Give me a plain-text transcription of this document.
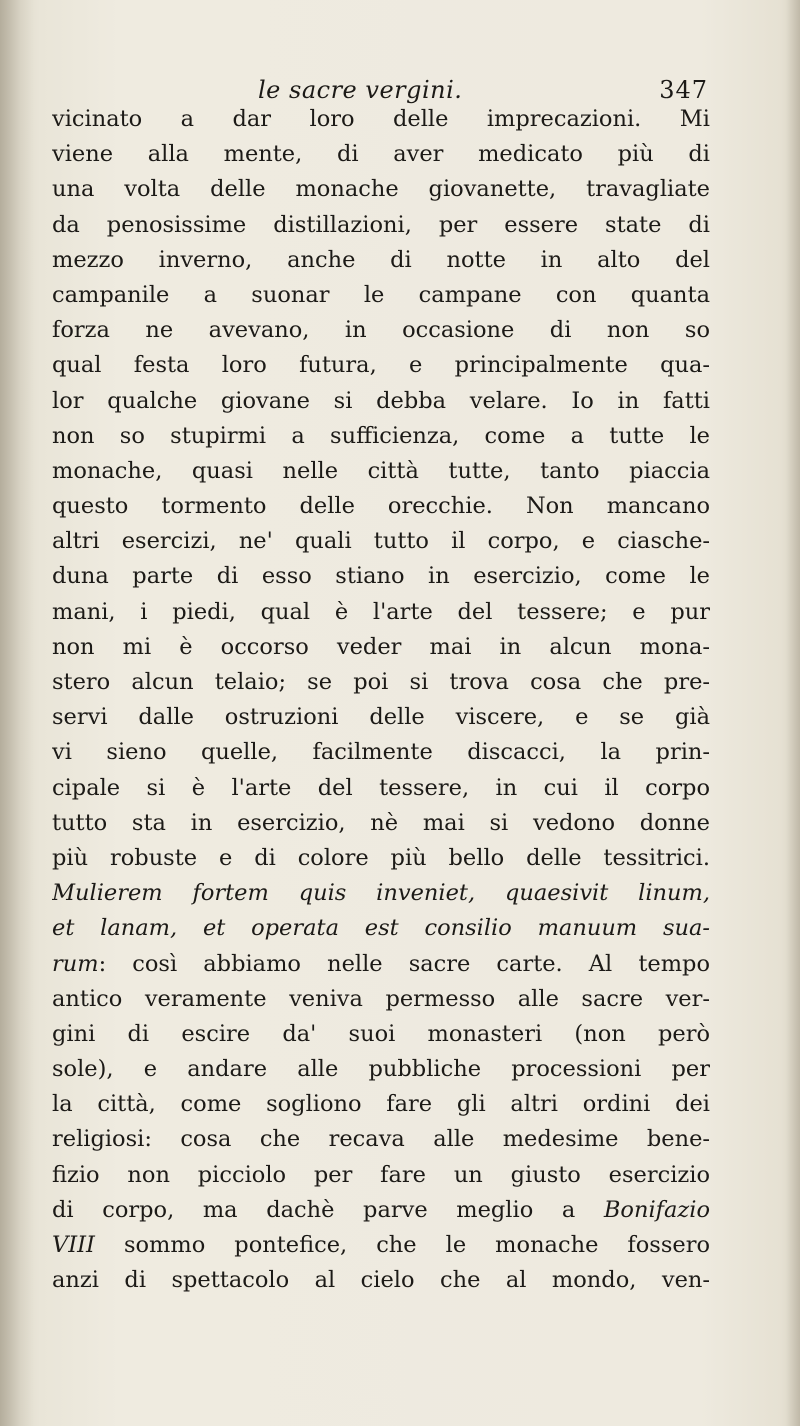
le sacre vergini.	347
vicinato a dar loro delle imprecazioni. Mi
viene alla mente, di aver medicato più di
una volta delle monache giovanette, travagliate
da penosissime distillazioni, per essere state di
mezzo inverno, anche di notte in alto del
campanile a suonar le campane con quanta
forza ne avevano, in occasione di non so
qual festa loro futura, e principalmente qua-
lor qualche giovane si debba velare. Io in fatti
non so stupirmi a sufficienza, come a tutte le
monache, quasi nelle città tutte, tanto piaccia
questo tormento delle orecchie. Non mancano
altri esercizi, ne' quali tutto il corpo, e ciasche-
duna parte di esso stiano in esercizio, come le
mani, i piedi, qual è l'arte del tessere; e pur
non mi è occorso veder mai in alcun mona-
stero alcun telaio; se poi si trova cosa che pre-
servi dalle ostruzioni delle viscere, e se già
vi sieno quelle, facilmente discacci, la prin-
cipale si è l'arte del tessere, in cui il corpo
tutto sta in esercizio, nè mai si vedono donne
più robuste e di colore più bello delle tessitrici.
Mulierem fortem quis inveniet, quaesivit linum,
et lanam, et operata est consilio manuum sua-
rum: così abbiamo nelle sacre carte. Al tempo
antico veramente veniva permesso alle sacre ver-
gini di escire da' suoi monasteri (non però
sole), e andare alle pubbliche processioni per
la città, come sogliono fare gli altri ordini dei
religiosi: cosa che recava alle medesime bene-
fizio non picciolo per fare un giusto esercizio
di corpo, ma dachè parve meglio a Bonifazio
VIII sommo pontefice, che le monache fossero
anzi di spettacolo al cielo che al mondo, ven-
